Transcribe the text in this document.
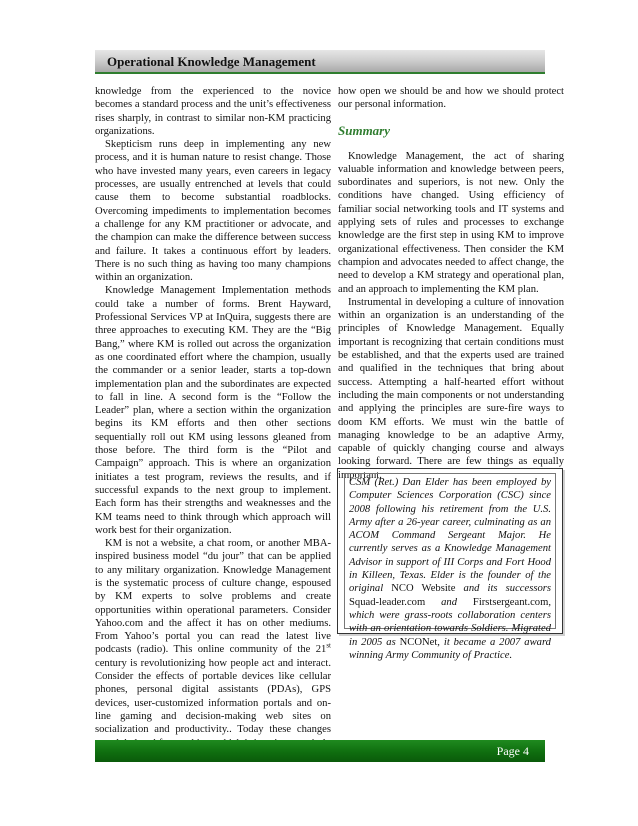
Operational Knowledge Management

knowledge from the experienced to the novice becomes a standard process and the unit’s effectiveness rises sharply, in contrast to similar non-KM practicing organizations.

Skepticism runs deep in implementing any new process, and it is human nature to resist change. Those who have invested many years, even careers in legacy processes, are usually entrenched at levels that could cause them to become substantial roadblocks. Overcoming impediments to implementation becomes a challenge for any KM practitioner or advocate, and the champion can make the difference between success and failure. It takes a continuous effort by leaders. There is no such thing as having too many champions within an organization.

Knowledge Management Implementation methods could take a number of forms. Brent Hayward, Professional Services VP at InQuira, suggests there are three approaches to executing KM. They are the “Big Bang,” where KM is rolled out across the organization as one coordinated effort where the champion, usually the commander or a senior leader, starts a top-down implementation plan and the subordinates are expected to fall in line. A second form is the “Follow the Leader” plan, where a section within the organization begins its KM efforts and then other sections sequentially roll out KM using lessons gleaned from those before. The third form is the “Pilot and Campaign” approach. This is where an organization initiates a test program, reviews the results, and if successful expands to the next group to implement. Each form has their strengths and weaknesses and the KM teams need to think through which approach will work best for their organization.

KM is not a website, a chat room, or another MBA-inspired business model “du jour” that can be applied to any military organization. Knowledge Management is the systematic process of culture change, espoused by KM experts to solve problems and create opportunities within operational parameters. Consider Yahoo.com and the affect it has on other mediums. From Yahoo’s portal you can read the latest live podcasts (radio). This online community of the 21st century is revolutionizing how people act and interact. Consider the effects of portable devices like cellular phones, personal digital assistants (PDAs), GPS devices, user-customized information portals and on-line gaming and decision-making web sites on socialization and productivity.. Today these changes

how open we should be and how we should protect our personal information.

Summary

Knowledge Management, the act of sharing valuable information and knowledge between peers, subordinates and superiors, is not new. Only the conditions have changed. Using efficiency of familiar social networking tools and IT systems and applying sets of rules and processes to exchange knowledge are the first step in using KM to improve organizational effectiveness. Then consider the KM champion and advocates needed to affect change, the need to develop a KM strategy and operational plan, and an approach to implementing the KM plan.

Instrumental in developing a culture of innovation within an organization is an understanding of the principles of Knowledge Management. Equally important is recognizing that certain conditions must be established, and that the experts used are trained and qualified in the techniques that bring about success. Attempting a half-hearted effort without including the main components or not understanding and applying the principles are sure-fire ways to doom KM efforts. We must win the battle of managing knowledge to be an adaptive Army, capable of quickly changing course and always looking forward. There are few things as equally important.

CSM (Ret.) Dan Elder has been employed by Computer Sciences Corporation (CSC) since 2008 following his retirement from the U.S. Army after a 26-year career, culminating as an ACOM Command Sergeant Major. He currently serves as a Knowledge Management Advisor in support of III Corps and Fort Hood in Killeen, Texas. Elder is the founder of the original NCO Website and its successors Squad-leader.com and Firstsergeant.com, which were grass-roots collaboration centers with an orientation towards Soldiers. Migrated in 2005 as NCONet, it became a 2007 award winning Army Community of Practice.
Page 4
